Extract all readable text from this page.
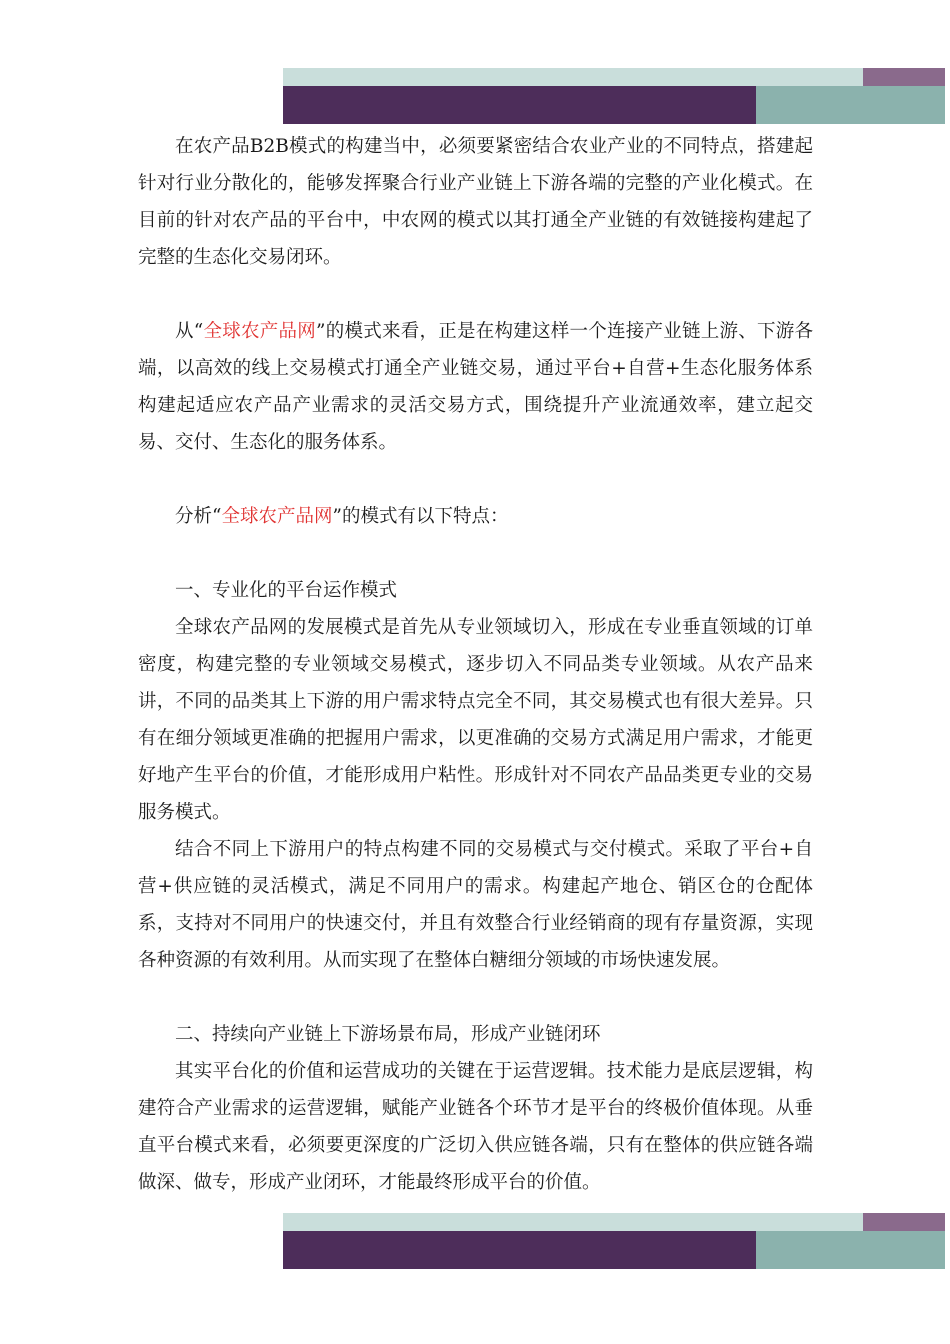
在农产品B2B模式的构建当中，必须要紧密结合农业产业的不同特点，搭建起针对行业分散化的，能够发挥聚合行业产业链上下游各端的完整的产业化模式。在目前的针对农产品的平台中，中农网的模式以其打通全产业链的有效链接构建起了完整的生态化交易闭环。

从“全球农产品网”的模式来看，正是在构建这样一个连接产业链上游、下游各端，以高效的线上交易模式打通全产业链交易，通过平台+自营+生态化服务体系构建起适应农产品产业需求的灵活交易方式，围绕提升产业流通效率，建立起交易、交付、生态化的服务体系。

分析“全球农产品网”的模式有以下特点：

一、专业化的平台运作模式

全球农产品网的发展模式是首先从专业领域切入，形成在专业垂直领域的订单密度，构建完整的专业领域交易模式，逐步切入不同品类专业领域。从农产品来讲，不同的品类其上下游的用户需求特点完全不同，其交易模式也有很大差异。只有在细分领域更准确的把握用户需求，以更准确的交易方式满足用户需求，才能更好地产生平台的价值，才能形成用户粘性。形成针对不同农产品品类更专业的交易服务模式。

结合不同上下游用户的特点构建不同的交易模式与交付模式。采取了平台+自营+供应链的灵活模式，满足不同用户的需求。构建起产地仓、销区仓的仓配体系，支持对不同用户的快速交付，并且有效整合行业经销商的现有存量资源，实现各种资源的有效利用。从而实现了在整体白糖细分领域的市场快速发展。

二、持续向产业链上下游场景布局，形成产业链闭环

其实平台化的价值和运营成功的关键在于运营逻辑。技术能力是底层逻辑，构建符合产业需求的运营逻辑，赋能产业链各个环节才是平台的终极价值体现。从垂直平台模式来看，必须要更深度的广泛切入供应链各端，只有在整体的供应链各端做深、做专，形成产业闭环，才能最终形成平台的价值。
